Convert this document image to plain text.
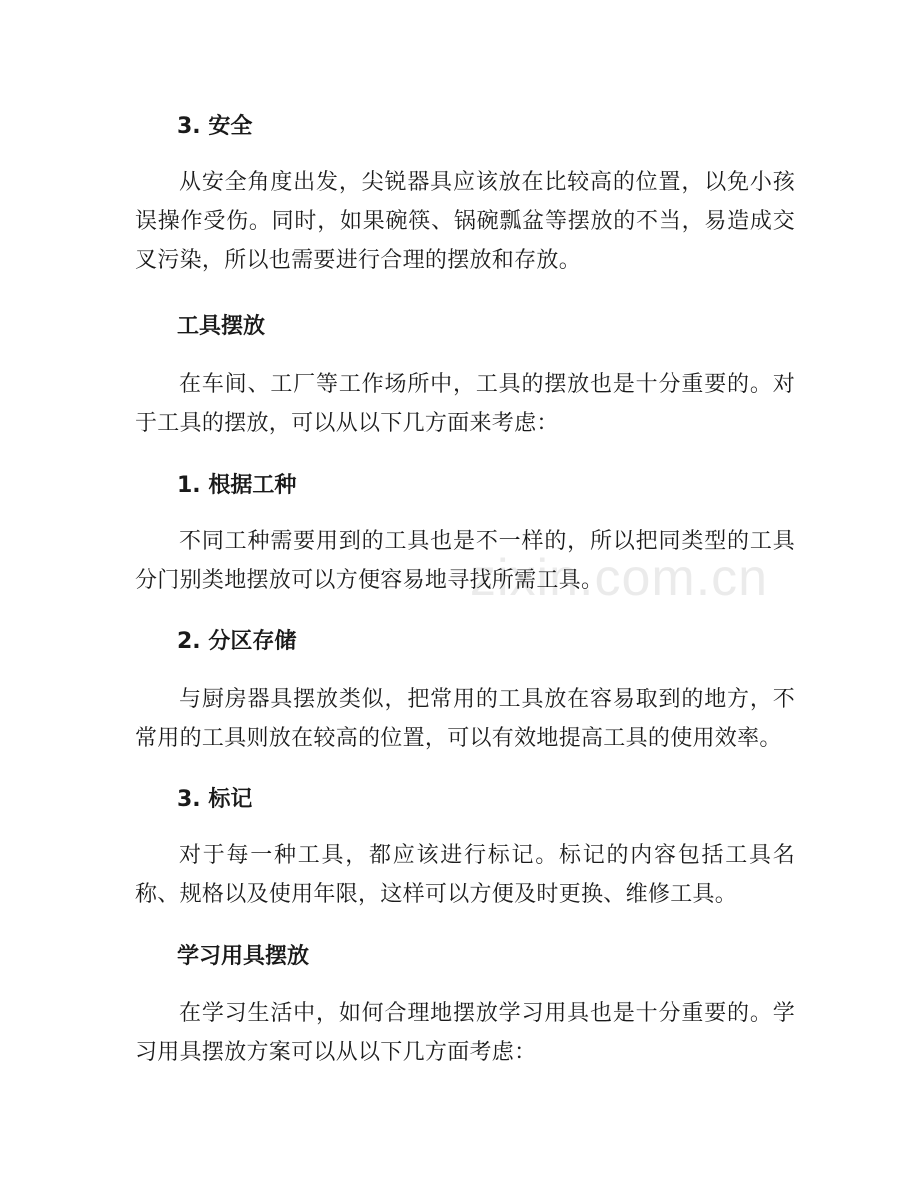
3. 安全

从安全角度出发，尖锐器具应该放在比较高的位置，以免小孩误操作受伤。同时，如果碗筷、锅碗瓢盆等摆放的不当，易造成交叉污染，所以也需要进行合理的摆放和存放。

工具摆放

在车间、工厂等工作场所中，工具的摆放也是十分重要的。对于工具的摆放，可以从以下几方面来考虑：

1. 根据工种

不同工种需要用到的工具也是不一样的，所以把同类型的工具分门别类地摆放可以方便容易地寻找所需工具。

2. 分区存储

与厨房器具摆放类似，把常用的工具放在容易取到的地方，不常用的工具则放在较高的位置，可以有效地提高工具的使用效率。

3. 标记

对于每一种工具，都应该进行标记。标记的内容包括工具名称、规格以及使用年限，这样可以方便及时更换、维修工具。

学习用具摆放

在学习生活中，如何合理地摆放学习用具也是十分重要的。学习用具摆放方案可以从以下几方面考虑：

zixin.com.cn
